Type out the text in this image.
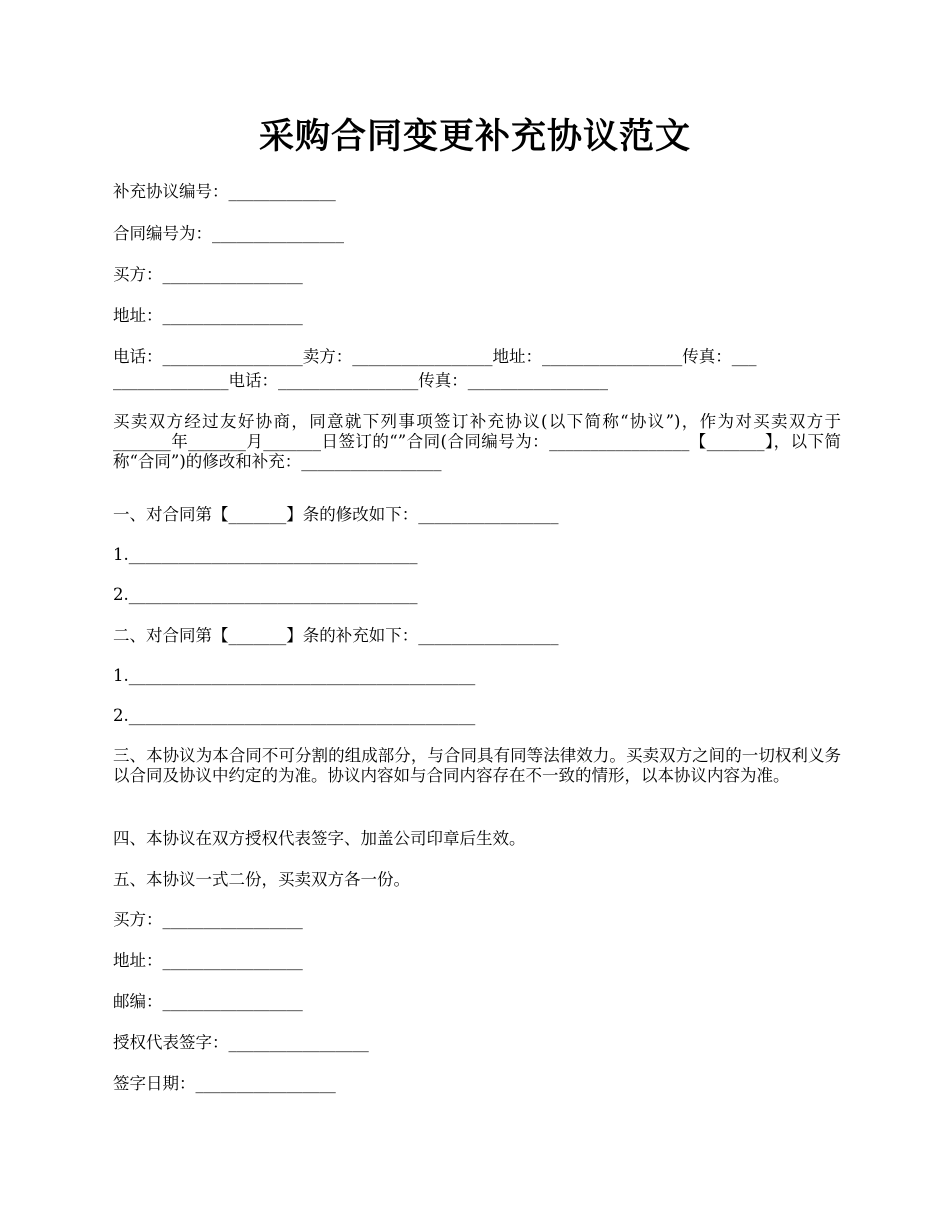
采购合同变更补充协议范文
补充协议编号：_____________
合同编号为：________________
买方：_________________
地址：_________________
电话：_________________卖方：_________________地址：_________________传真：___
______________电话：_________________传真：_________________
买卖双方经过友好协商，同意就下列事项签订补充协议(以下简称“协议”)，作为对买卖双方于_______年_______月_______日签订的“”合同(合同编号为：_________________【_______】，以下简称“合同”)的修改和补充：_________________
一、对合同第【_______】条的修改如下：_________________
1.___________________________________
2.___________________________________
二、对合同第【_______】条的补充如下：_________________
1.__________________________________________
2.__________________________________________
三、本协议为本合同不可分割的组成部分，与合同具有同等法律效力。买卖双方之间的一切权利义务以合同及协议中约定的为准。协议内容如与合同内容存在不一致的情形，以本协议内容为准。
四、本协议在双方授权代表签字、加盖公司印章后生效。
五、本协议一式二份，买卖双方各一份。
买方：_________________
地址：_________________
邮编：_________________
授权代表签字：_________________
签字日期：_________________
